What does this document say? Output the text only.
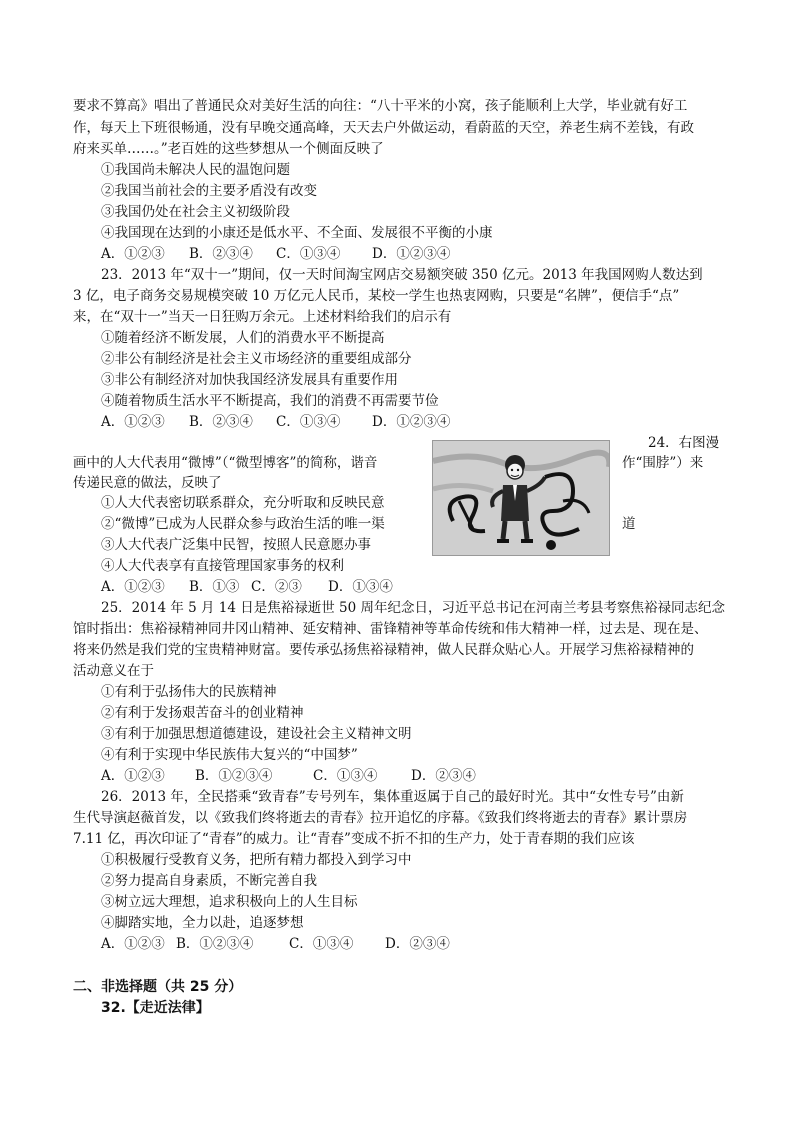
要求不算高》唱出了普通民众对美好生活的向往：“八十平米的小窝，孩子能顺利上大学，毕业就有好工
作，每天上下班很畅通，没有早晚交通高峰，天天去户外做运动，看蔚蓝的天空，养老生病不差钱，有政
府来买单……。”老百姓的这些梦想从一个侧面反映了
①我国尚未解决人民的温饱问题
②我国当前社会的主要矛盾没有改变
③我国仍处在社会主义初级阶段
④我国现在达到的小康还是低水平、不全面、发展很不平衡的小康
A．①②③ B．②③④ C．①③④ D．①②③④
23．2013 年“双十一”期间，仅一天时间淘宝网店交易额突破 350 亿元。2013 年我国网购人数达到
3 亿，电子商务交易规模突破 10 万亿元人民币，某校一学生也热衷网购，只要是“名牌”，便信手“点”
来，在“双十一”当天一日狂购万余元。上述材料给我们的启示有
①随着经济不断发展，人们的消费水平不断提高
②非公有制经济是社会主义市场经济的重要组成部分
③非公有制经济对加快我国经济发展具有重要作用
④随着物质生活水平不断提高，我们的消费不再需要节俭
A．①②③ B．②③④ C．①③④ D．①②③④
24．右图漫
画中的人大代表用“微博”（“微型博客”的简称，谐音	作“围脖”）来
传递民意的做法，反映了
①人大代表密切联系群众，充分听取和反映民意
②“微博”已成为人民群众参与政治生活的唯一渠	道
③人大代表广泛集中民智，按照人民意愿办事
④人大代表享有直接管理国家事务的权利
A．①②③ B．①③ C．②③ D．①③④
25．2014 年 5 月 14 日是焦裕禄逝世 50 周年纪念日，习近平总书记在河南兰考县考察焦裕禄同志纪念
馆时指出：焦裕禄精神同井冈山精神、延安精神、雷锋精神等革命传统和伟大精神一样，过去是、现在是、
将来仍然是我们党的宝贵精神财富。要传承弘扬焦裕禄精神，做人民群众贴心人。开展学习焦裕禄精神的
活动意义在于
①有利于弘扬伟大的民族精神
②有利于发扬艰苦奋斗的创业精神
③有利于加强思想道德建设，建设社会主义精神文明
④有利于实现中华民族伟大复兴的“中国梦”
A．①②③ B．①②③④	C．①③④ D．②③④
26．2013 年，全民搭乘“致青春”专号列车，集体重返属于自己的最好时光。其中“女性专号”由新
生代导演赵薇首发，以《致我们终将逝去的青春》拉开追忆的序幕。《致我们终将逝去的青春》累计票房
7.11 亿，再次印证了“青春”的威力。让“青春”变成不折不扣的生产力，处于青春期的我们应该
①积极履行受教育义务，把所有精力都投入到学习中
②努力提高自身素质，不断完善自我
③树立远大理想，追求积极向上的人生目标
④脚踏实地，全力以赴，追逐梦想
A．①②③ B．①②③④	C．①③④ D．②③④
二、非选择题（共 25 分）
32.【走近法律】
